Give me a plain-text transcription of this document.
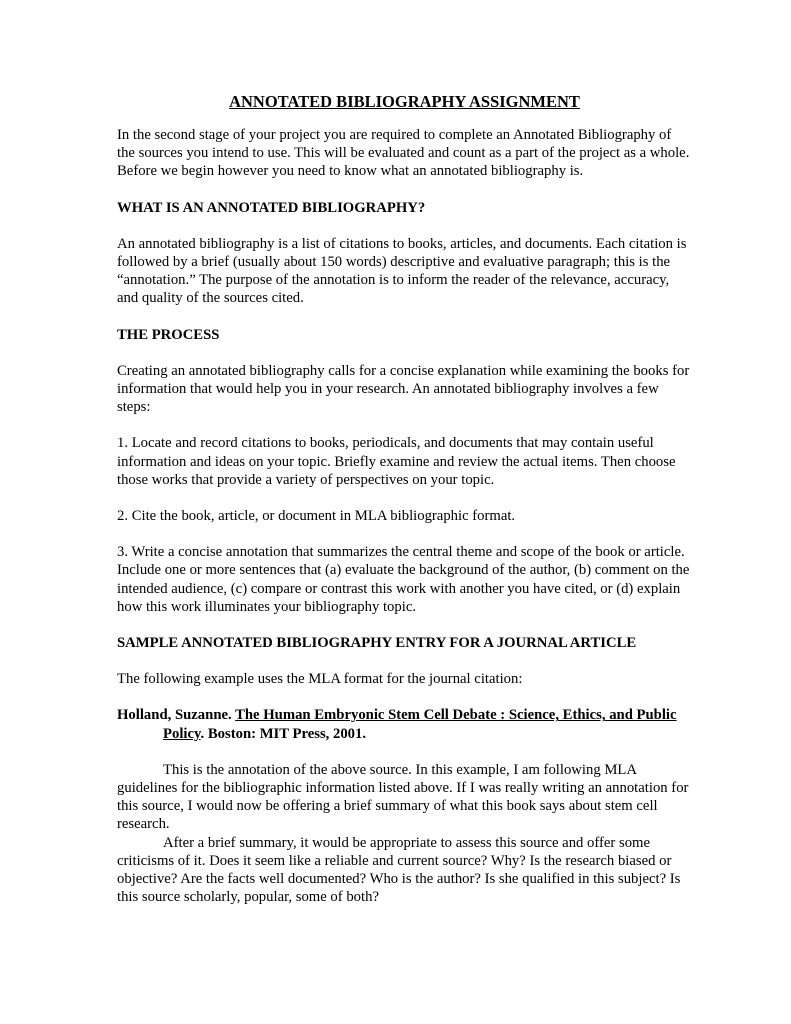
ANNOTATED BIBLIOGRAPHY ASSIGNMENT

In the second stage of your project you are required to complete an Annotated Bibliography of the sources you intend to use. This will be evaluated and count as a part of the project as a whole. Before we begin however you need to know what an annotated bibliography is.

WHAT IS AN ANNOTATED BIBLIOGRAPHY?

An annotated bibliography is a list of citations to books, articles, and documents. Each citation is followed by a brief (usually about 150 words) descriptive and evaluative paragraph; this is the “annotation.” The purpose of the annotation is to inform the reader of the relevance, accuracy, and quality of the sources cited.

THE PROCESS

Creating an annotated bibliography calls for a concise explanation while examining the books for information that would help you in your research. An annotated bibliography involves a few steps:

1. Locate and record citations to books, periodicals, and documents that may contain useful information and ideas on your topic. Briefly examine and review the actual items. Then choose those works that provide a variety of perspectives on your topic.

2. Cite the book, article, or document in MLA bibliographic format.

3. Write a concise annotation that summarizes the central theme and scope of the book or article. Include one or more sentences that (a) evaluate the background of the author, (b) comment on the intended audience, (c) compare or contrast this work with another you have cited, or (d) explain how this work illuminates your bibliography topic.

SAMPLE ANNOTATED BIBLIOGRAPHY ENTRY FOR A JOURNAL ARTICLE

The following example uses the MLA format for the journal citation:

Holland, Suzanne. The Human Embryonic Stem Cell Debate : Science, Ethics, and Public Policy. Boston: MIT Press, 2001.

This is the annotation of the above source. In this example, I am following MLA guidelines for the bibliographic information listed above. If I was really writing an annotation for this source, I would now be offering a brief summary of what this book says about stem cell research.

After a brief summary, it would be appropriate to assess this source and offer some criticisms of it. Does it seem like a reliable and current source? Why? Is the research biased or objective? Are the facts well documented? Who is the author? Is she qualified in this subject? Is this source scholarly, popular, some of both?
